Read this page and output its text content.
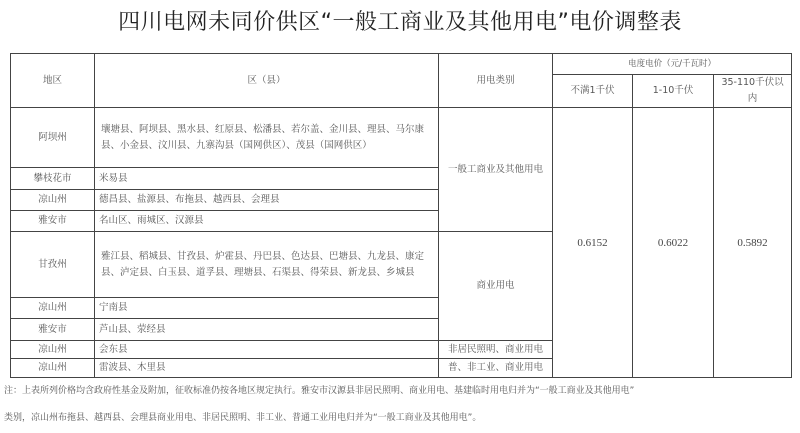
四川电网未同价供区“一般工商业及其他用电”电价调整表
地区	区（县）	用电类别	电度电价（元/千瓦时）		
			不满1千伏	1-10千伏	35-110千伏以内
阿坝州	壤塘县、阿坝县、黑水县、红原县、松潘县、若尔盖、金川县、理县、马尔康县、小金县、汶川县、九寨沟县（国网供区）、茂县（国网供区）	一般工商业及其他用电	0.6152	0.6022	0.5892
攀枝花市	米易县				
凉山州	德昌县、盐源县、布拖县、越西县、会理县				
雅安市	名山区、雨城区、汉源县				
甘孜州	雅江县、稻城县、甘孜县、炉霍县、丹巴县、色达县、巴塘县、九龙县、康定县、泸定县、白玉县、道孚县、理塘县、石渠县、得荣县、新龙县、乡城县	商业用电			
凉山州	宁南县				
雅安市	芦山县、荥经县				
凉山州	会东县	非居民照明、商业用电			
凉山州	雷波县、木里县	普、非工业、商业用电			
注：上表所列价格均含政府性基金及附加，征收标准仍按各地区规定执行。雅安市汉源县非居民照明、商业用电、基建临时用电归并为“一般工商业及其他用电”
类别，凉山州布拖县、越西县、会理县商业用电、非居民照明、非工业、普通工业用电归并为“一般工商业及其他用电”。
